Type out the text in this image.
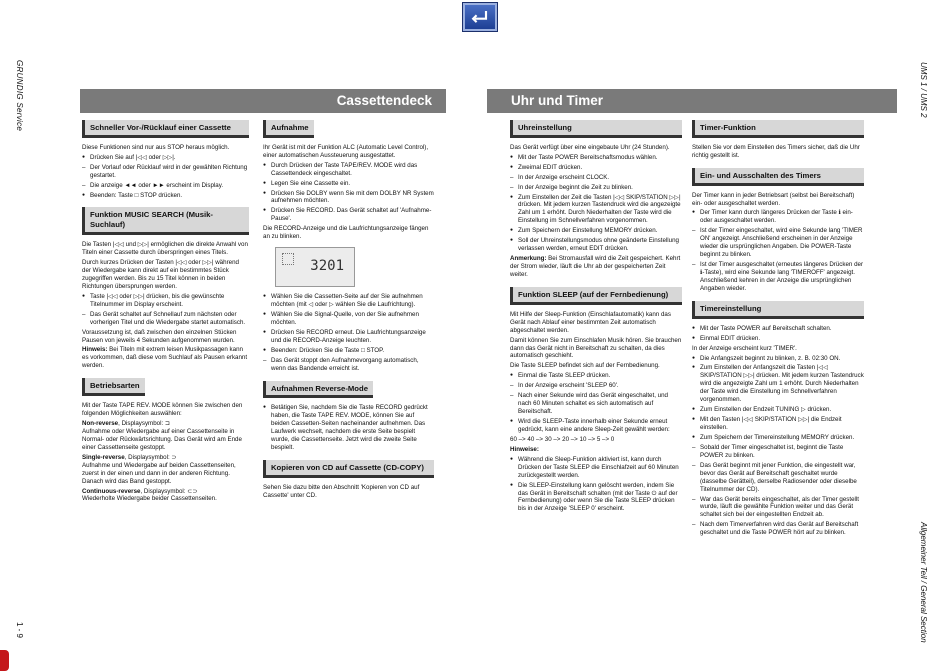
GRUNDIG Service
1 - 9
UMS 1 / UMS 2
Allgemeiner Teil / General Section
Cassettendeck	Uhr und Timer
Schneller Vor-/Rücklauf einer Cassette

Diese Funktionen sind nur aus STOP heraus möglich.

● Drücken Sie auf |◁◁ oder ▷▷|.
– Der Vorlauf oder Rücklauf wird in der gewählten Richtung gestartet.
– Die anzeige ◄◄ oder ►► erscheint im Display.
● Beenden: Taste □ STOP drücken.
Funktion MUSIC SEARCH (Musik-Suchlauf)

Die Tasten |◁◁ und ▷▷| ermöglichen die direkte Anwahl von Titeln einer Cassette durch überspringen eines Titels.

Durch kurzes Drücken der Tasten |◁◁ oder ▷▷| während der Wiedergabe kann direkt auf ein bestimmtes Stück zugegriffen werden. Bis zu 15 Titel können in beiden Richtungen übersprungen werden.

● Taste |◁◁ oder ▷▷| drücken, bis die gewünschte Titelnummer im Display erscheint.
– Das Gerät schaltet auf Schnellauf zum nächsten oder vorherigen Titel und die Wiedergabe startet automatisch.

Voraussetzung ist, daß zwischen den einzelnen Stücken Pausen von jeweils 4 Sekunden aufgenommen wurden.

Hinweis: Bei Titeln mit extrem leisen Musikpassagen kann es vorkommen, daß diese vom Suchlauf als Pausen erkannt werden.

Betriebsarten

Mit der Taste TAPE REV. MODE können Sie zwischen den folgenden Möglichkeiten auswählen:

Non-reverse, Displaysymbol: ⊐
Aufnahme oder Wiedergabe auf einer Cassettenseite in Normal- oder Rückwärtsrichtung. Das Gerät wird am Ende einer Cassettenseite gestoppt.

Single-reverse, Displaysymbol: ⊃
Aufnahme und Wiedergabe auf beiden Cassettenseiten, zuerst in der einen und dann in der anderen Richtung. Danach wird das Band gestoppt.

Continuous-reverse, Displaysymbol: ⊂⊃
Wiederholte Wiedergabe beider Cassettenseiten.

Aufnahme

Ihr Gerät ist mit der Funktion ALC (Automatic Level Control), einer automatischen Aussteuerung ausgestattet.

● Durch Drücken der Taste TAPE/REV. MODE wird das Cassettendeck eingeschaltet.
● Legen Sie eine Cassette ein.
● Drücken Sie DOLBY wenn Sie mit dem DOLBY NR System aufnehmen möchten.
● Drücken Sie RECORD. Das Gerät schaltet auf 'Aufnahme-Pause'.

Die RECORD-Anzeige und die Laufrichtungsanzeige fängen an zu blinken.

3201
● Wählen Sie die Cassetten-Seite auf der Sie aufnehmen möchten (mit ◁ oder ▷ wählen Sie die Laufrichtung).
● Wählen Sie die Signal-Quelle, von der Sie aufnehmen möchten.
● Drücken Sie RECORD erneut. Die Laufrichtungsanzeige und die RECORD-Anzeige leuchten.
● Beenden: Drücken Sie die Taste □ STOP.
– Das Gerät stoppt den Aufnahmevorgang automatisch, wenn das Bandende erreicht ist.
Aufnahmen Reverse-Mode
● Betätigen Sie, nachdem Sie die Taste RECORD gedrückt haben, die Taste TAPE REV. MODE, können Sie auf beiden Cassetten-Seiten nacheinander aufnehmen. Das Laufwerk wechselt, nachdem die erste Seite bespielt wurde, die Cassettenseite. Jetzt wird die zweite Seite bespielt.
Kopieren von CD auf Cassette (CD-COPY)

Sehen Sie dazu bitte den Abschnitt 'Kopieren von CD auf Cassette' unter CD.

Uhreinstellung

Das Gerät verfügt über eine eingebaute Uhr (24 Stunden).

● Mit der Taste POWER Bereitschaftsmodus wählen.
● Zweimal EDIT drücken.
– In der Anzeige erscheint CLOCK.
– In der Anzeige beginnt die Zeit zu blinken.
● Zum Einstellen der Zeit die Tasten |◁◁ SKIP/STATION ▷▷| drücken. Mit jedem kurzen Tastendruck wird die angezeigte Zahl um 1 erhöht. Durch Niederhalten der Taste wird die Einstellung im Schnellverfahren vorgenommen.
● Zum Speichern der Einstellung MEMORY drücken.
● Soll der Uhreinstellungsmodus ohne geänderte Einstellung verlassen werden, erneut EDIT drücken.

Anmerkung: Bei Stromausfall wird die Zeit gespeichert. Kehrt der Strom wieder, läuft die Uhr ab der gespeicherten Zeit weiter.

Funktion SLEEP (auf der Fernbedienung)

Mit Hilfe der Sleep-Funktion (Einschlafautomatik) kann das Gerät nach Ablauf einer bestimmten Zeit automatisch abgeschaltet werden.

Damit können Sie zum Einschlafen Musik hören. Sie brauchen dann das Gerät nicht in Bereitschaft zu schalten, da dies automatisch geschieht.

Die Taste SLEEP befindet sich auf der Fernbedienung.

● Einmal die Taste SLEEP drücken.
– In der Anzeige erscheint 'SLEEP 60'.
– Nach einer Sekunde wird das Gerät eingeschaltet, und nach 60 Minuten schaltet es sich automatisch auf Bereitschaft.
● Wird die SLEEP-Taste innerhalb einer Sekunde erneut gedrückt, kann eine andere Sleep-Zeit gewählt werden:

60 –> 40 –> 30 –> 20 –> 10 –> 5 –> 0

Hinweise:

● Während die Sleep-Funktion aktiviert ist, kann durch Drücken der Taste SLEEP die Einschlafzeit auf 60 Minuten zurückgestellt werden.
● Die SLEEP-Einstellung kann gelöscht werden, indem Sie das Gerät in Bereitschaft schalten (mit der Taste ⏻ auf der Fernbedienung) oder wenn Sie die Taste SLEEP drücken bis in der Anzeige 'SLEEP 0' erscheint.
Timer-Funktion

Stellen Sie vor dem Einstellen des Timers sicher, daß die Uhr richtig gestellt ist.

Ein- und Ausschalten des Timers

Der Timer kann in jeder Betriebsart (selbst bei Bereitschaft) ein- oder ausgeschaltet werden.

● Der Timer kann durch längeres Drücken der Taste ℹ ein- oder ausgeschaltet werden.
– Ist der Timer eingeschaltet, wird eine Sekunde lang 'TIMER ON' angezeigt. Anschließend erscheinen in der Anzeige wieder die ursprünglichen Angaben. Die POWER-Taste beginnt zu blinken.
– Ist der Timer ausgeschaltet (erneutes längeres Drücken der ℹ-Taste), wird eine Sekunde lang 'TIMEROFF' angezeigt. Anschließend kehren in der Anzeige die ursprünglichen Angaben wieder.
Timereinstellung
● Mit der Taste POWER auf Bereitschaft schalten.
● Einmal EDIT drücken.

In der Anzeige erscheint kurz 'TIMER'.

● Die Anfangszeit beginnt zu blinken, z. B. 02:30 ON.
● Zum Einstellen der Anfangszeit die Tasten |◁◁ SKIP/STATION ▷▷| drücken. Mit jedem kurzen Tastendruck wird die angezeigte Zahl um 1 erhöht. Durch Niederhalten der Taste wird die Einstellung im Schnellverfahren vorgenommen.
● Zum Einstellen der Endzeit TUNING ▷ drücken.
● Mit den Tasten |◁◁ SKIP/STATION ▷▷| die Endzeit einstellen.
● Zum Speichern der Timereinstellung MEMORY drücken.
– Sobald der Timer eingeschaltet ist, beginnt die Taste POWER zu blinken.
– Das Gerät beginnt mit jener Funktion, die eingestellt war, bevor das Gerät auf Bereitschaft geschaltet wurde (dasselbe Gerätteil), derselbe Radiosender oder dieselbe Titelnummer der CD).
– War das Gerät bereits eingeschaltet, als der Timer gestellt wurde, läuft die gewählte Funktion weiter und das Gerät schaltet sich bei der eingestellten Endzeit ab.
– Nach dem Timerverfahren wird das Gerät auf Bereitschaft geschaltet und die Taste POWER hört auf zu blinken.
